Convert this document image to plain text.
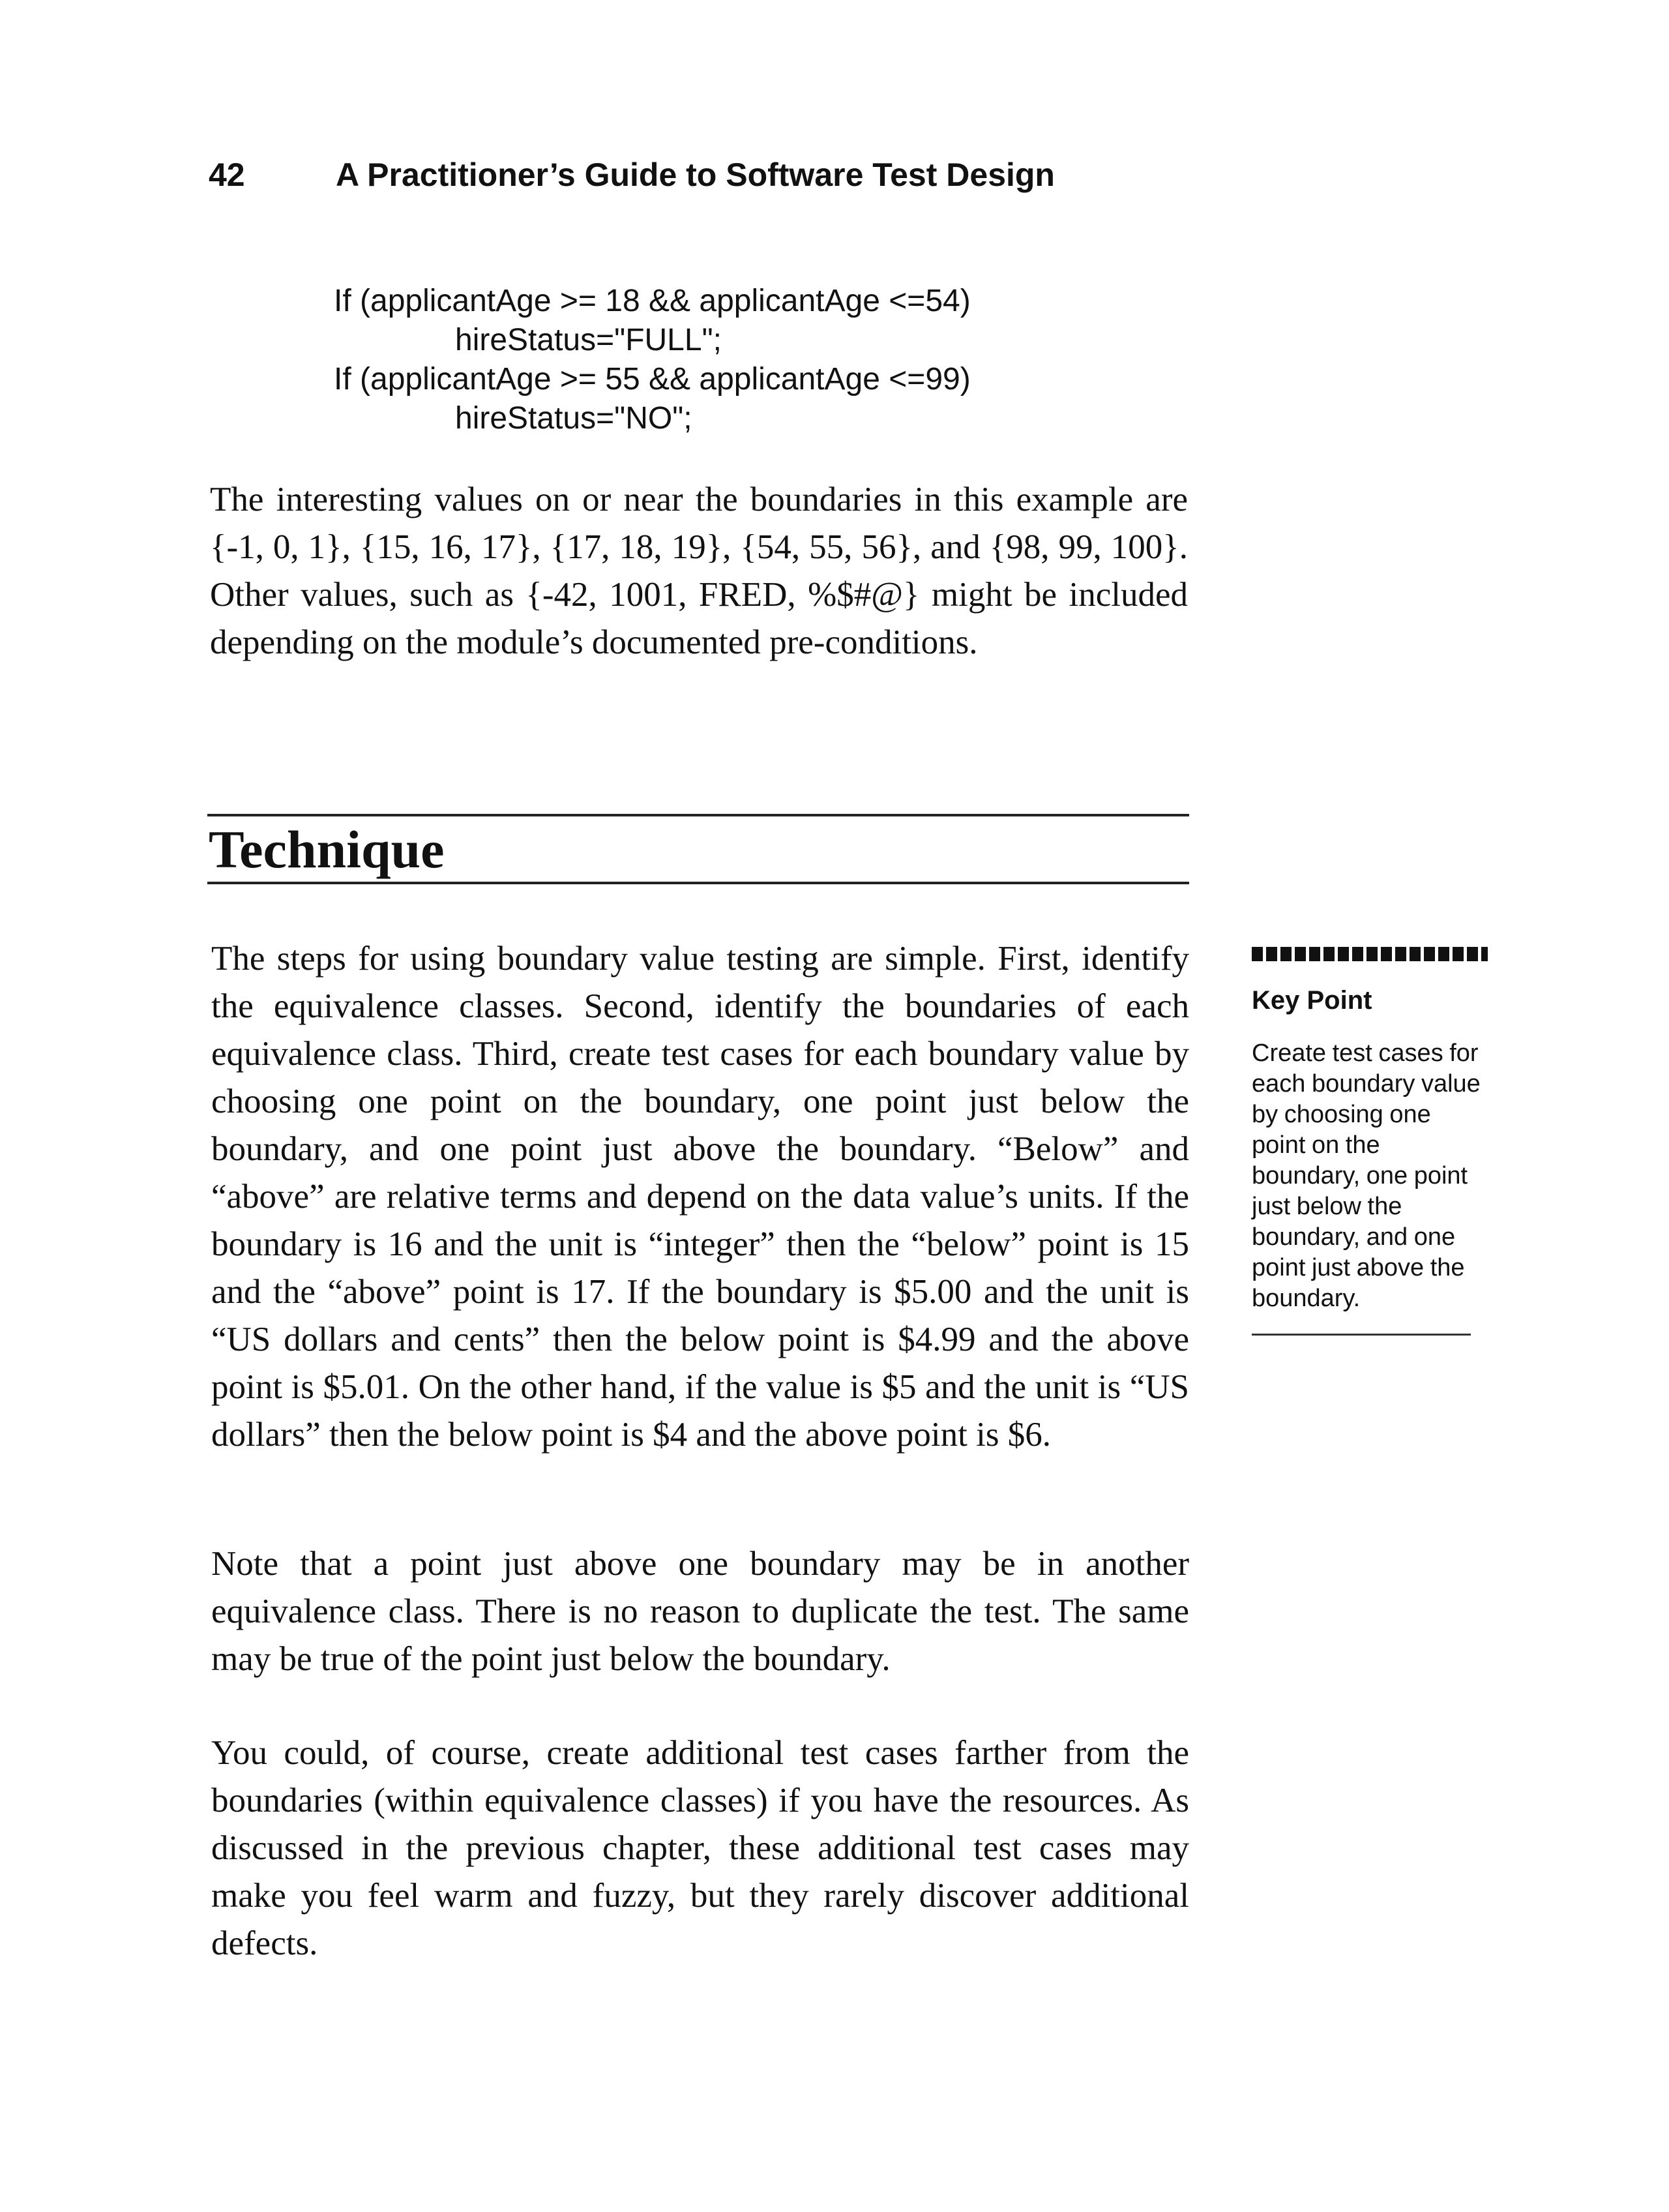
42	A Practitioner’s Guide to Software Test Design
If (applicantAge >= 18 && applicantAge <=54)
hireStatus="FULL";
If (applicantAge >= 55 && applicantAge <=99)
hireStatus="NO";

The interesting values on or near the boundaries in this example are {-1, 0, 1}, {15, 16, 17}, {17, 18, 19}, {54, 55, 56}, and {98, 99, 100}. Other values, such as {-42, 1001, FRED, %$#@} might be included depending on the module’s documented pre-conditions.

Technique

The steps for using boundary value testing are simple. First, identify the equivalence classes. Second, identify the boundaries of each equivalence class. Third, create test cases for each boundary value by choosing one point on the boundary, one point just below the boundary, and one point just above the boundary. “Below” and “above” are relative terms and depend on the data value’s units. If the boundary is 16 and the unit is “integer” then the “below” point is 15 and the “above” point is 17. If the boundary is $5.00 and the unit is “US dollars and cents” then the below point is $4.99 and the above point is $5.01. On the other hand, if the value is $5 and the unit is “US dollars” then the below point is $4 and the above point is $6.

Note that a point just above one boundary may be in another equivalence class. There is no reason to duplicate the test. The same may be true of the point just below the boundary.

You could, of course, create additional test cases farther from the boundaries (within equivalence classes) if you have the resources. As discussed in the previous chapter, these additional test cases may make you feel warm and fuzzy, but they rarely discover additional defects.

Key Point
Create test cases for each boundary value by choosing one point on the boundary, one point just below the boundary, and one point just above the boundary.
